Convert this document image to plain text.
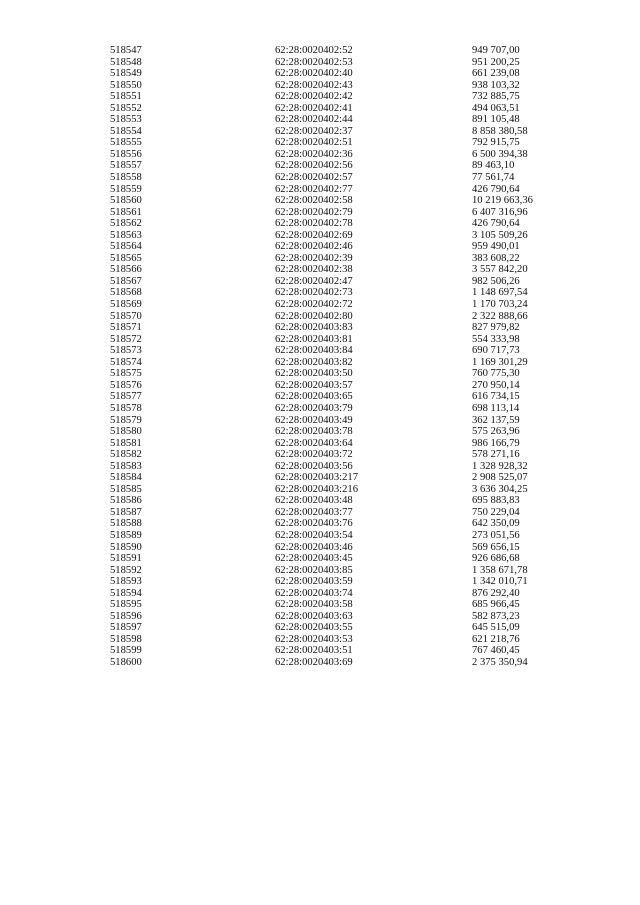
518547	62:28:0020402:52	949 707,00
518548	62:28:0020402:53	951 200,25
518549	62:28:0020402:40	661 239,08
518550	62:28:0020402:43	938 103,32
518551	62:28:0020402:42	732 885,75
518552	62:28:0020402:41	494 063,51
518553	62:28:0020402:44	891 105,48
518554	62:28:0020402:37	8 858 380,58
518555	62:28:0020402:51	792 915,75
518556	62:28:0020402:36	6 500 394,38
518557	62:28:0020402:56	89 463,10
518558	62:28:0020402:57	77 561,74
518559	62:28:0020402:77	426 790,64
518560	62:28:0020402:58	10 219 663,36
518561	62:28:0020402:79	6 407 316,96
518562	62:28:0020402:78	426 790,64
518563	62:28:0020402:69	3 105 509,26
518564	62:28:0020402:46	959 490,01
518565	62:28:0020402:39	383 608,22
518566	62:28:0020402:38	3 557 842,20
518567	62:28:0020402:47	982 506,26
518568	62:28:0020402:73	1 148 697,54
518569	62:28:0020402:72	1 170 703,24
518570	62:28:0020402:80	2 322 888,66
518571	62:28:0020403:83	827 979,82
518572	62:28:0020403:81	554 333,98
518573	62:28:0020403:84	690 717,73
518574	62:28:0020403:82	1 169 301,29
518575	62:28:0020403:50	760 775,30
518576	62:28:0020403:57	270 950,14
518577	62:28:0020403:65	616 734,15
518578	62:28:0020403:79	698 113,14
518579	62:28:0020403:49	362 137,59
518580	62:28:0020403:78	575 263,96
518581	62:28:0020403:64	986 166,79
518582	62:28:0020403:72	578 271,16
518583	62:28:0020403:56	1 328 928,32
518584	62:28:0020403:217	2 908 525,07
518585	62:28:0020403:216	3 636 304,25
518586	62:28:0020403:48	695 883,83
518587	62:28:0020403:77	750 229,04
518588	62:28:0020403:76	642 350,09
518589	62:28:0020403:54	273 051,56
518590	62:28:0020403:46	569 656,15
518591	62:28:0020403:45	926 686,68
518592	62:28:0020403:85	1 358 671,78
518593	62:28:0020403:59	1 342 010,71
518594	62:28:0020403:74	876 292,40
518595	62:28:0020403:58	685 966,45
518596	62:28:0020403:63	582 873,23
518597	62:28:0020403:55	645 515,09
518598	62:28:0020403:53	621 218,76
518599	62:28:0020403:51	767 460,45
518600	62:28:0020403:69	2 375 350,94
